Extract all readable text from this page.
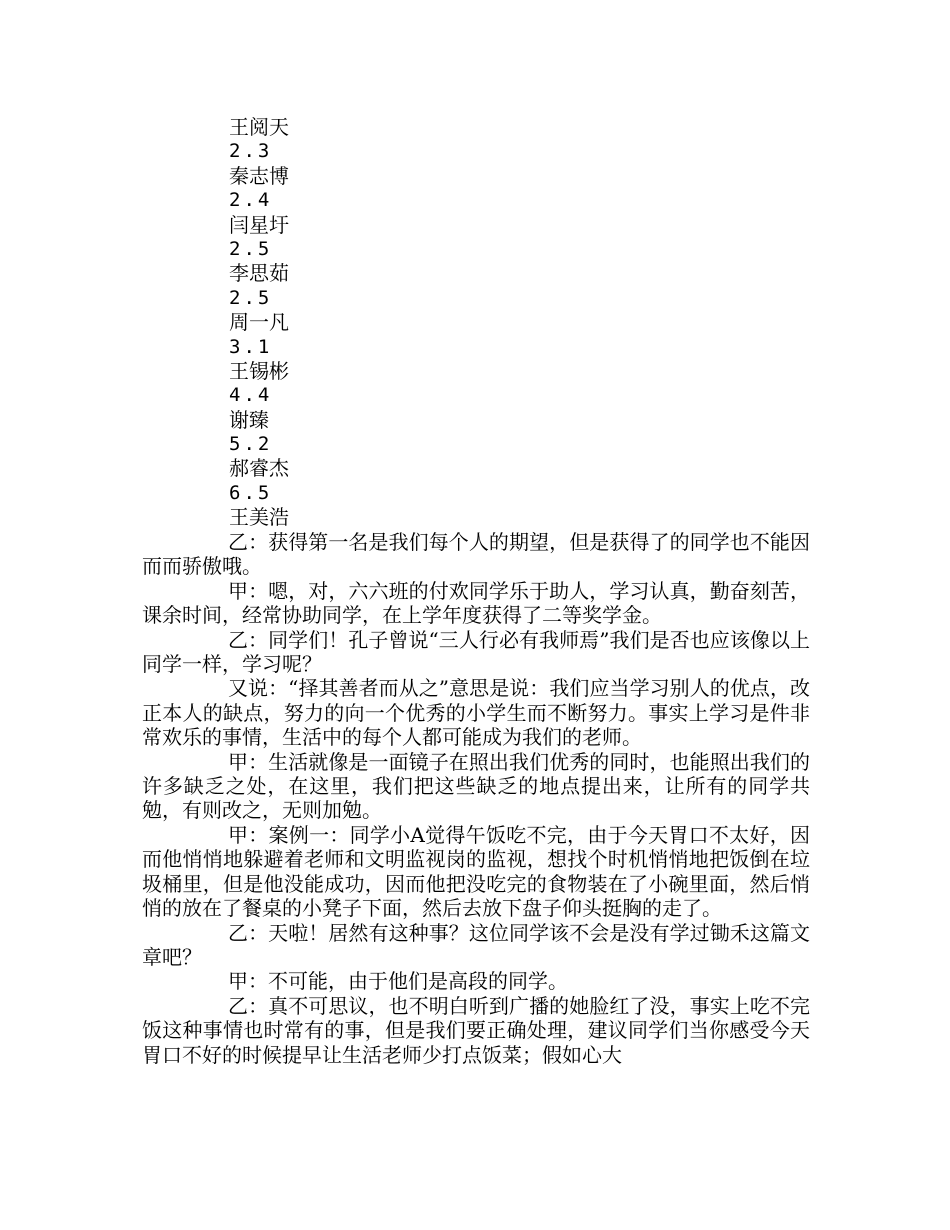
王阅天
2.3
秦志博
2.4
闫星圩
2.5
李思茹
2.5
周一凡
3.1
王锡彬
4.4
谢臻
5.2
郝睿杰
6.5
王美浩

乙：获得第一名是我们每个人的期望，但是获得了的同学也不能因而而骄傲哦。

甲：嗯，对，六六班的付欢同学乐于助人，学习认真，勤奋刻苦，课余时间，经常协助同学，在上学年度获得了二等奖学金。

乙：同学们！孔子曾说“三人行必有我师焉”我们是否也应该像以上同学一样，学习呢？

又说：“择其善者而从之”意思是说：我们应当学习别人的优点，改正本人的缺点，努力的向一个优秀的小学生而不断努力。事实上学习是件非常欢乐的事情，生活中的每个人都可能成为我们的老师。

甲：生活就像是一面镜子在照出我们优秀的同时，也能照出我们的许多缺乏之处，在这里，我们把这些缺乏的地点提出来，让所有的同学共勉，有则改之，无则加勉。

甲：案例一：同学小A觉得午饭吃不完，由于今天胃口不太好，因而他悄悄地躲避着老师和文明监视岗的监视，想找个时机悄悄地把饭倒在垃圾桶里，但是他没能成功，因而他把没吃完的食物装在了小碗里面，然后悄悄的放在了餐桌的小凳子下面，然后去放下盘子仰头挺胸的走了。

乙：天啦！居然有这种事？这位同学该不会是没有学过锄禾这篇文章吧？

甲：不可能，由于他们是高段的同学。

乙：真不可思议，也不明白听到广播的她脸红了没，事实上吃不完饭这种事情也时常有的事，但是我们要正确处理，建议同学们当你感受今天胃口不好的时候提早让生活老师少打点饭菜；假如心大
